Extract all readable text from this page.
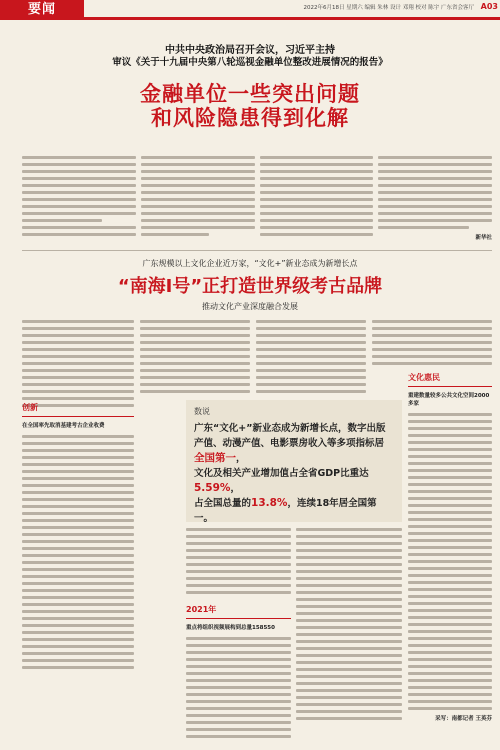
要闻	2022年6月18日 星期六 编辑 朱林 设计 邓翔 校对 陈宇 广东省会客厅 A03
中共中央政治局召开会议，习近平主持
审议《关于十九届中央第八轮巡视金融单位整改进展情况的报告》
金融单位一些突出问题
和风险隐患得到化解
新华社
广东规模以上文化企业近万家，“文化+”新业态成为新增长点
“南海I号”正打造世界级考古品牌
推动文化产业深度融合发展
创新
在全国率先取消基建考古企业收费
数说
广东“文化+”新业态成为新增长点，数字出版产值、动漫产值、电影票房收入等多项指标居全国第一，
文化及相关产业增加值占全省GDP比重达5.59%，
占全国总量的13.8%，连续18年居全国第一。
2021年
重点将组织视频展构到总量158550
文化惠民
重建数量较多公共文化空间2000多家
采写：南都记者 王英芬
